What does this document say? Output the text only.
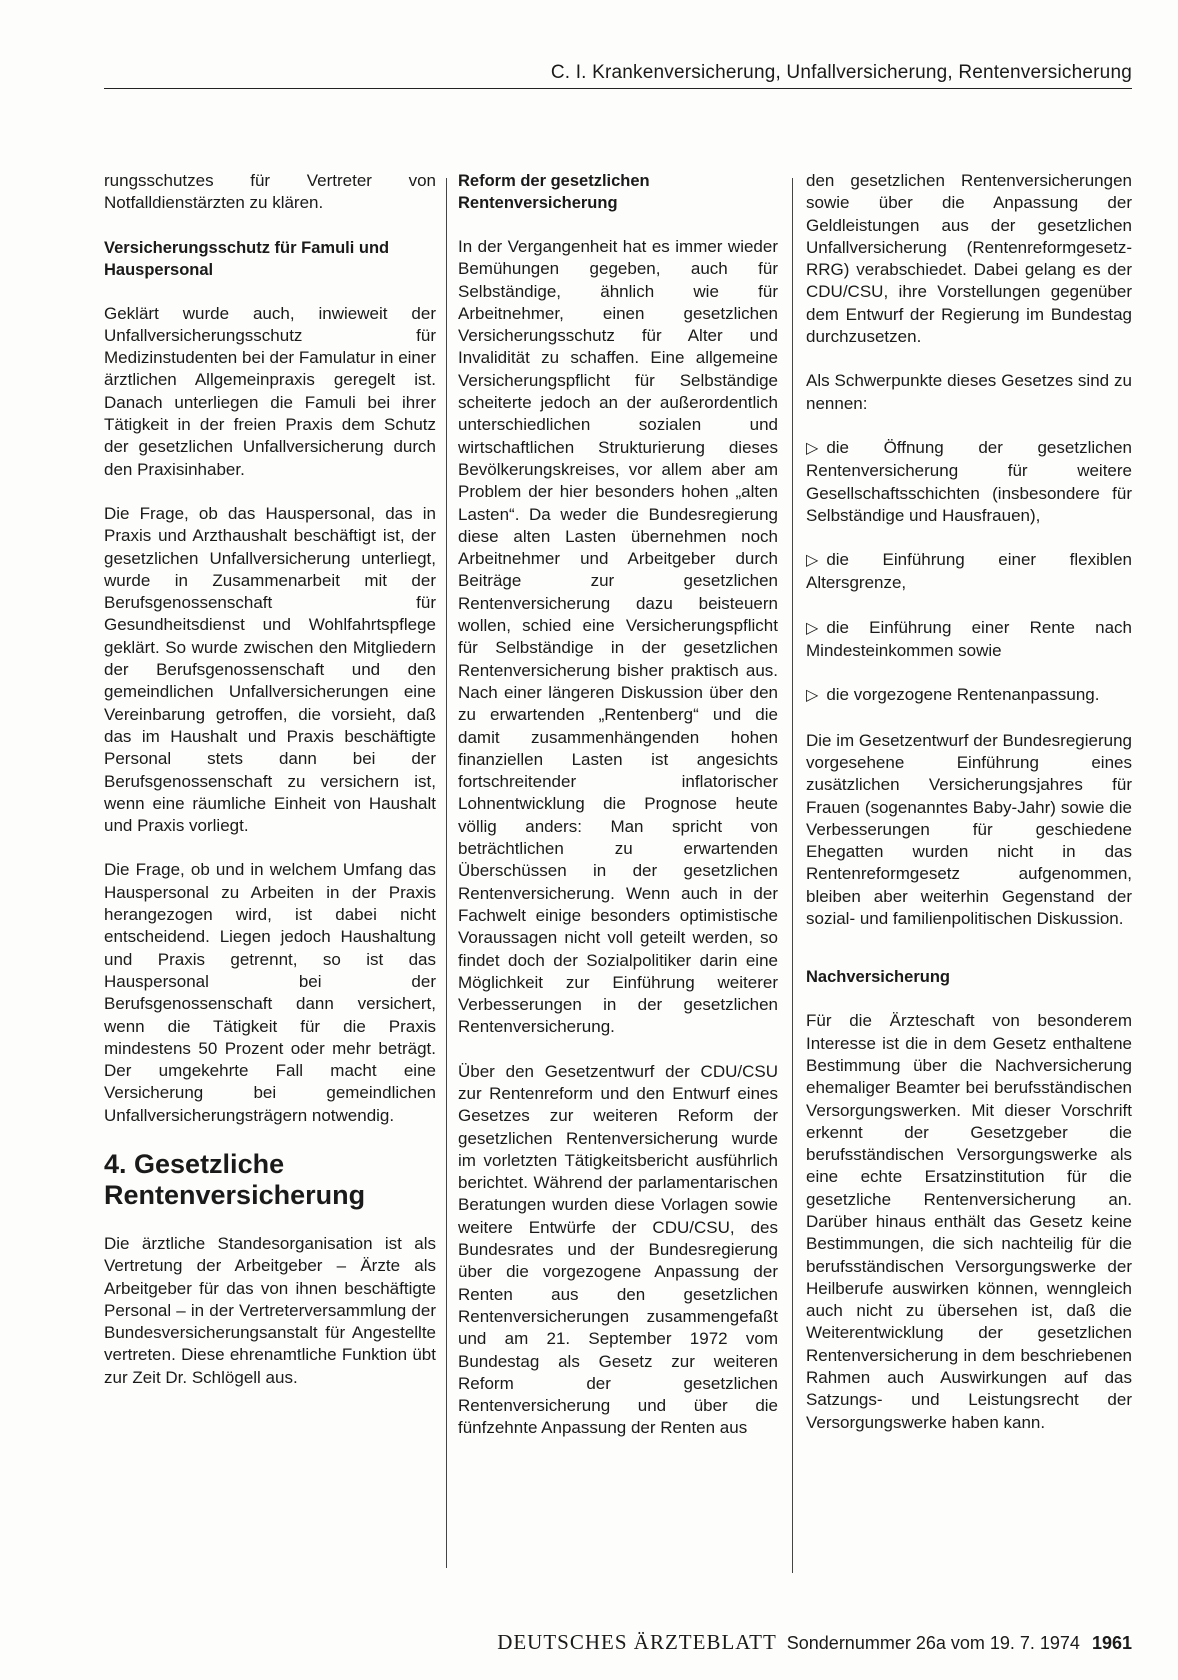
C. I. Krankenversicherung, Unfallversicherung, Rentenversicherung

rungsschutzes für Vertreter von Notfalldienstärzten zu klären.

Versicherungsschutz für Famuli und Hauspersonal

Geklärt wurde auch, inwieweit der Unfallversicherungsschutz für Medizinstudenten bei der Famulatur in einer ärztlichen Allgemeinpraxis geregelt ist. Danach unterliegen die Famuli bei ihrer Tätigkeit in der freien Praxis dem Schutz der gesetzlichen Unfallversicherung durch den Praxisinhaber.

Die Frage, ob das Hauspersonal, das in Praxis und Arzthaushalt beschäftigt ist, der gesetzlichen Unfallversicherung unterliegt, wurde in Zusammenarbeit mit der Berufsgenossenschaft für Gesundheitsdienst und Wohlfahrtspflege geklärt. So wurde zwischen den Mitgliedern der Berufsgenossenschaft und den gemeindlichen Unfallversicherungen eine Vereinbarung getroffen, die vorsieht, daß das im Haushalt und Praxis beschäftigte Personal stets dann bei der Berufsgenossenschaft zu versichern ist, wenn eine räumliche Einheit von Haushalt und Praxis vorliegt.

Die Frage, ob und in welchem Umfang das Hauspersonal zu Arbeiten in der Praxis herangezogen wird, ist dabei nicht entscheidend. Liegen jedoch Haushaltung und Praxis getrennt, so ist das Hauspersonal bei der Berufsgenossenschaft dann versichert, wenn die Tätigkeit für die Praxis mindestens 50 Prozent oder mehr beträgt. Der umgekehrte Fall macht eine Versicherung bei gemeindlichen Unfallversicherungsträgern notwendig.

4. Gesetzliche Rentenversicherung

Die ärztliche Standesorganisation ist als Vertretung der Arbeitgeber – Ärzte als Arbeitgeber für das von ihnen beschäftigte Personal – in der Vertreterversammlung der Bundesversicherungsanstalt für Angestellte vertreten. Diese ehrenamtliche Funktion übt zur Zeit Dr. Schlögell aus.

Reform der gesetzlichen Rentenversicherung

In der Vergangenheit hat es immer wieder Bemühungen gegeben, auch für Selbständige, ähnlich wie für Arbeitnehmer, einen gesetzlichen Versicherungsschutz für Alter und Invalidität zu schaffen. Eine allgemeine Versicherungspflicht für Selbständige scheiterte jedoch an der außerordentlich unterschiedlichen sozialen und wirtschaftlichen Strukturierung dieses Bevölkerungskreises, vor allem aber am Problem der hier besonders hohen „alten Lasten“. Da weder die Bundesregierung diese alten Lasten übernehmen noch Arbeitnehmer und Arbeitgeber durch Beiträge zur gesetzlichen Rentenversicherung dazu beisteuern wollen, schied eine Versicherungspflicht für Selbständige in der gesetzlichen Rentenversicherung bisher praktisch aus. Nach einer längeren Diskussion über den zu erwartenden „Rentenberg“ und die damit zusammenhängenden hohen finanziellen Lasten ist angesichts fortschreitender inflatorischer Lohnentwicklung die Prognose heute völlig anders: Man spricht von beträchtlichen zu erwartenden Überschüssen in der gesetzlichen Rentenversicherung. Wenn auch in der Fachwelt einige besonders optimistische Voraussagen nicht voll geteilt werden, so findet doch der Sozialpolitiker darin eine Möglichkeit zur Einführung weiterer Verbesserungen in der gesetzlichen Rentenversicherung.

Über den Gesetzentwurf der CDU/CSU zur Rentenreform und den Entwurf eines Gesetzes zur weiteren Reform der gesetzlichen Rentenversicherung wurde im vorletzten Tätigkeitsbericht ausführlich berichtet. Während der parlamentarischen Beratungen wurden diese Vorlagen sowie weitere Entwürfe der CDU/CSU, des Bundesrates und der Bundesregierung über die vorgezogene Anpassung der Renten aus den gesetzlichen Rentenversicherungen zusammengefaßt und am 21. September 1972 vom Bundestag als Gesetz zur weiteren Reform der gesetzlichen Rentenversicherung und über die fünfzehnte Anpassung der Renten aus

den gesetzlichen Rentenversicherungen sowie über die Anpassung der Geldleistungen aus der gesetzlichen Unfallversicherung (Rentenreformgesetz-RRG) verabschiedet. Dabei gelang es der CDU/CSU, ihre Vorstellungen gegenüber dem Entwurf der Regierung im Bundestag durchzusetzen.

Als Schwerpunkte dieses Gesetzes sind zu nennen:

▷ die Öffnung der gesetzlichen Rentenversicherung für weitere Gesellschaftsschichten (insbesondere für Selbständige und Hausfrauen),

▷ die Einführung einer flexiblen Altersgrenze,

▷ die Einführung einer Rente nach Mindesteinkommen sowie

▷ die vorgezogene Rentenanpassung.

Die im Gesetzentwurf der Bundesregierung vorgesehene Einführung eines zusätzlichen Versicherungsjahres für Frauen (sogenanntes Baby-Jahr) sowie die Verbesserungen für geschiedene Ehegatten wurden nicht in das Rentenreformgesetz aufgenommen, bleiben aber weiterhin Gegenstand der sozial- und familienpolitischen Diskussion.

Nachversicherung

Für die Ärzteschaft von besonderem Interesse ist die in dem Gesetz enthaltene Bestimmung über die Nachversicherung ehemaliger Beamter bei berufsständischen Versorgungswerken. Mit dieser Vorschrift erkennt der Gesetzgeber die berufsständischen Versorgungswerke als eine echte Ersatzinstitution für die gesetzliche Rentenversicherung an. Darüber hinaus enthält das Gesetz keine Bestimmungen, die sich nachteilig für die berufsständischen Versorgungswerke der Heilberufe auswirken können, wenngleich auch nicht zu übersehen ist, daß die Weiterentwicklung der gesetzlichen Rentenversicherung in dem beschriebenen Rahmen auch Auswirkungen auf das Satzungs- und Leistungsrecht der Versorgungswerke haben kann.

DEUTSCHES ÄRZTEBLATT Sondernummer 26a vom 19. 7. 1974 1961
